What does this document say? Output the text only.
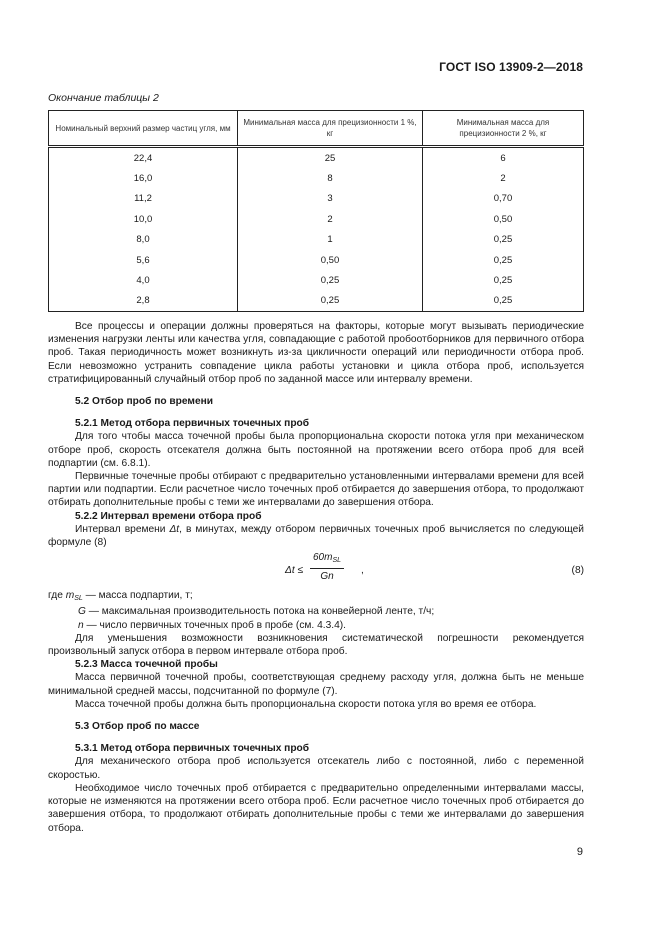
ГОСТ ISO 13909-2—2018
Окончание таблицы 2
Номинальный верхний размер частиц угля, мм	Минимальная масса для прецизионности 1 %, кг	Минимальная масса для прецизионности 2 %, кг
22,4	25	6
16,0	8	2
11,2	3	0,70
10,0	2	0,50
8,0	1	0,25
5,6	0,50	0,25
4,0	0,25	0,25
2,8	0,25	0,25

Все процессы и операции должны проверяться на факторы, которые могут вызывать периодические изменения нагрузки ленты или качества угля, совпадающие с работой пробоотборников для первичного отбора проб. Такая периодичность может возникнуть из-за цикличности операций или периодичности отбора проб. Если невозможно устранить совпадение цикла работы установки и цикла отбора проб, используется стратифицированный случайный отбор проб по заданной массе или интервалу времени.

5.2 Отбор проб по времени

5.2.1 Метод отбора первичных точечных проб

Для того чтобы масса точечной пробы была пропорциональна скорости потока угля при механическом отборе проб, скорость отсекателя должна быть постоянной на протяжении всего отбора проб для всей подпартии (см. 6.8.1).

Первичные точечные пробы отбирают с предварительно установленными интервалами времени для всей партии или подпартии. Если расчетное число точечных проб отбирается до завершения отбора, то продолжают отбирать дополнительные пробы с теми же интервалами до завершения отбора.

5.2.2 Интервал времени отбора проб

Интервал времени Δt, в минутах, между отбором первичных точечных проб вычисляется по следующей формуле (8)

Δt ≤
$60m_{SL}$
Gn
,	(8)
где $m_{SL}$ — масса подпартии, т;
G — максимальная производительность потока на конвейерной ленте, т/ч;
n — число первичных точечных проб в пробе (см. 4.3.4).

Для уменьшения возможности возникновения систематической погрешности рекомендуется произвольный запуск отбора в первом интервале отбора проб.

5.2.3 Масса точечной пробы

Масса первичной точечной пробы, соответствующая среднему расходу угля, должна быть не меньше минимальной средней массы, подсчитанной по формуле (7).

Масса точечной пробы должна быть пропорциональна скорости потока угля во время ее отбора.

5.3 Отбор проб по массе

5.3.1 Метод отбора первичных точечных проб

Для механического отбора проб используется отсекатель либо с постоянной, либо с переменной скоростью.

Необходимое число точечных проб отбирается с предварительно определенными интервалами массы, которые не изменяются на протяжении всего отбора проб. Если расчетное число точечных проб отбирается до завершения отбора, то продолжают отбирать дополнительные пробы с теми же интервалами до завершения отбора.

9
